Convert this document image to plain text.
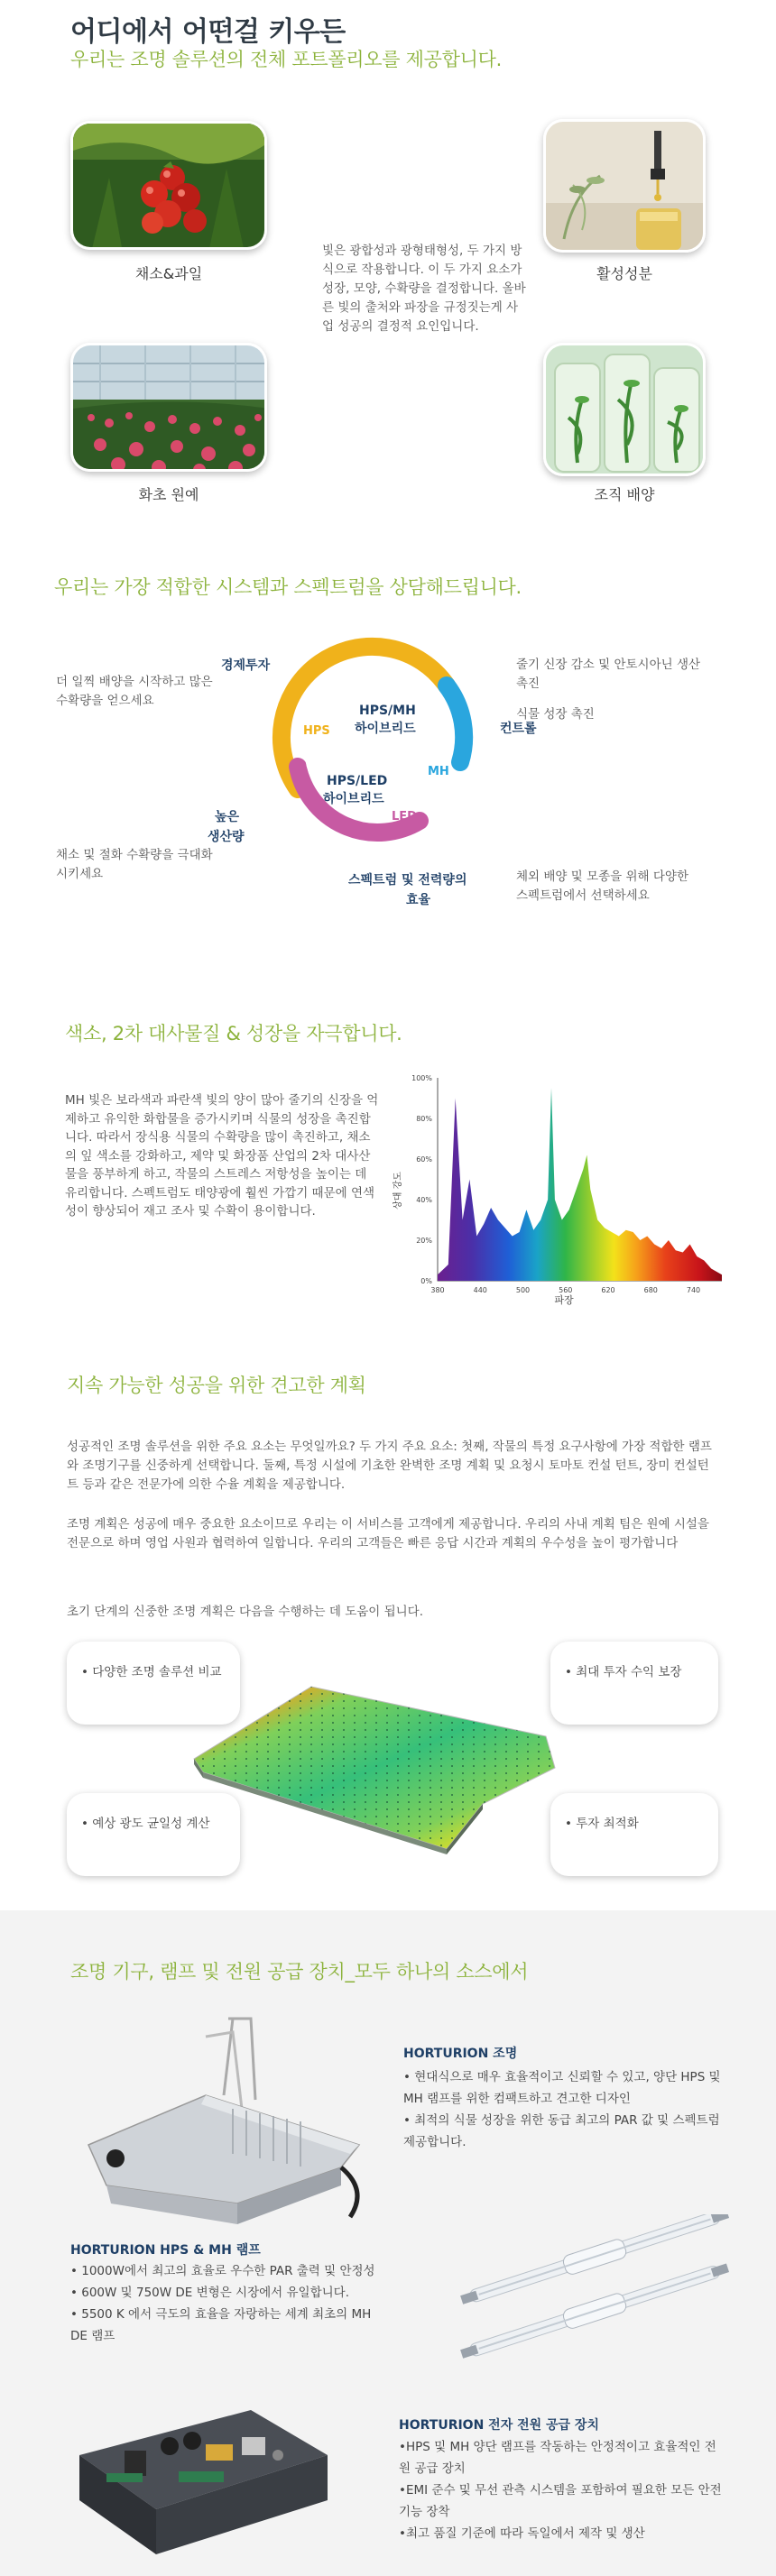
어디에서 어떤걸 키우든
우리는 조명 솔루션의 전체 포트폴리오를 제공합니다.
채소&과일	활성성분
빛은 광합성과 광형태형성, 두 가지 방식으로 작용합니다. 이 두 가지 요소가 성장, 모양, 수확량을 결정합니다. 올바른 빛의 출처와 파장을 규정짓는게 사업 성공의 결정적 요인입니다.
화초 원예	조직 배양
우리는 가장 적합한 시스템과 스펙트럼을 상담해드립니다.
더 일찍 배양을 시작하고 많은 수확량을 얻으세요
채소 및 절화 수확량을 극대화 시키세요
줄기 신장 감소 및 안토시아닌 생산 촉진
식물 성장 촉진
체외 배양 및 모종을 위해 다양한 스펙트럼에서 선택하세요
경제투자
높은
생산량
컨트롤
스펙트럼 및 전력량의
효율
HPS
MH
LED
HPS/MH
하이브리드
HPS/LED
하이브리드
색소, 2차 대사물질 & 성장을 자극합니다.
MH 빛은 보라색과 파란색 빛의 양이 많아 줄기의 신장을 억제하고 유익한 화합물을 증가시키며 식물의 성장을 촉진합니다. 따라서 장식용 식물의 수확량을 많이 촉진하고, 채소의 잎 색소를 강화하고, 제약 및 화장품 산업의 2차 대사산물을 풍부하게 하고, 작물의 스트레스 저항성을 높이는 데 유리합니다. 스펙트럼도 태양광에 훨씬 가깝기 때문에 연색성이 향상되어 재고 조사 및 수확이 용이합니다.
0%
20%
40%
60%
80%
100%
380	440	500	560	620	680	740
파장
상대 강도
지속 가능한 성공을 위한 견고한 계획
성공적인 조명 솔루션을 위한 주요 요소는 무엇일까요? 두 가지 주요 요소: 첫째, 작물의 특정 요구사항에 가장 적합한 램프와 조명기구를 신중하게 선택합니다. 둘째, 특정 시설에 기초한 완벽한 조명 계획 및 요청시 토마토 컨설 턴트, 장미 컨설턴트 등과 같은 전문가에 의한 수율 계획을 제공합니다.
조명 계획은 성공에 매우 중요한 요소이므로 우리는 이 서비스를 고객에게 제공합니다. 우리의 사내 계획 팀은 원예 시설을 전문으로 하며 영업 사원과 협력하여 일합니다. 우리의 고객들은 빠른 응답 시간과 계획의 우수성을 높이 평가합니다
초기 단계의 신중한 조명 계획은 다음을 수행하는 데 도움이 됩니다.
• 다양한 조명 솔루션 비교	• 최대 투자 수익 보장
• 예상 광도 균일성 계산	• 투자 최적화
조명 기구, 램프 및 전원 공급 장치_모두 하나의 소스에서
HORTURION 조명
• 현대식으로 매우 효율적이고 신뢰할 수 있고, 양단 HPS 및 MH 램프를 위한 컴팩트하고 견고한 디자인
• 최적의 식물 성장을 위한 동급 최고의 PAR 값 및 스펙트럼 제공합니다.
HORTURION HPS & MH 램프
• 1000W에서 최고의 효율로 우수한 PAR 출력 및 안정성
• 600W 및 750W DE 변형은 시장에서 유일합니다.
• 5500 K 에서 극도의 효율을 자랑하는 세계 최초의 MH DE 램프
HORTURION 전자 전원 공급 장치
•HPS 및 MH 양단 램프를 작동하는 안정적이고 효율적인 전원 공급 장치
•EMI 준수 및 무선 관측 시스템을 포함하여 필요한 모든 안전 기능 장착
•최고 품질 기준에 따라 독일에서 제작 및 생산
